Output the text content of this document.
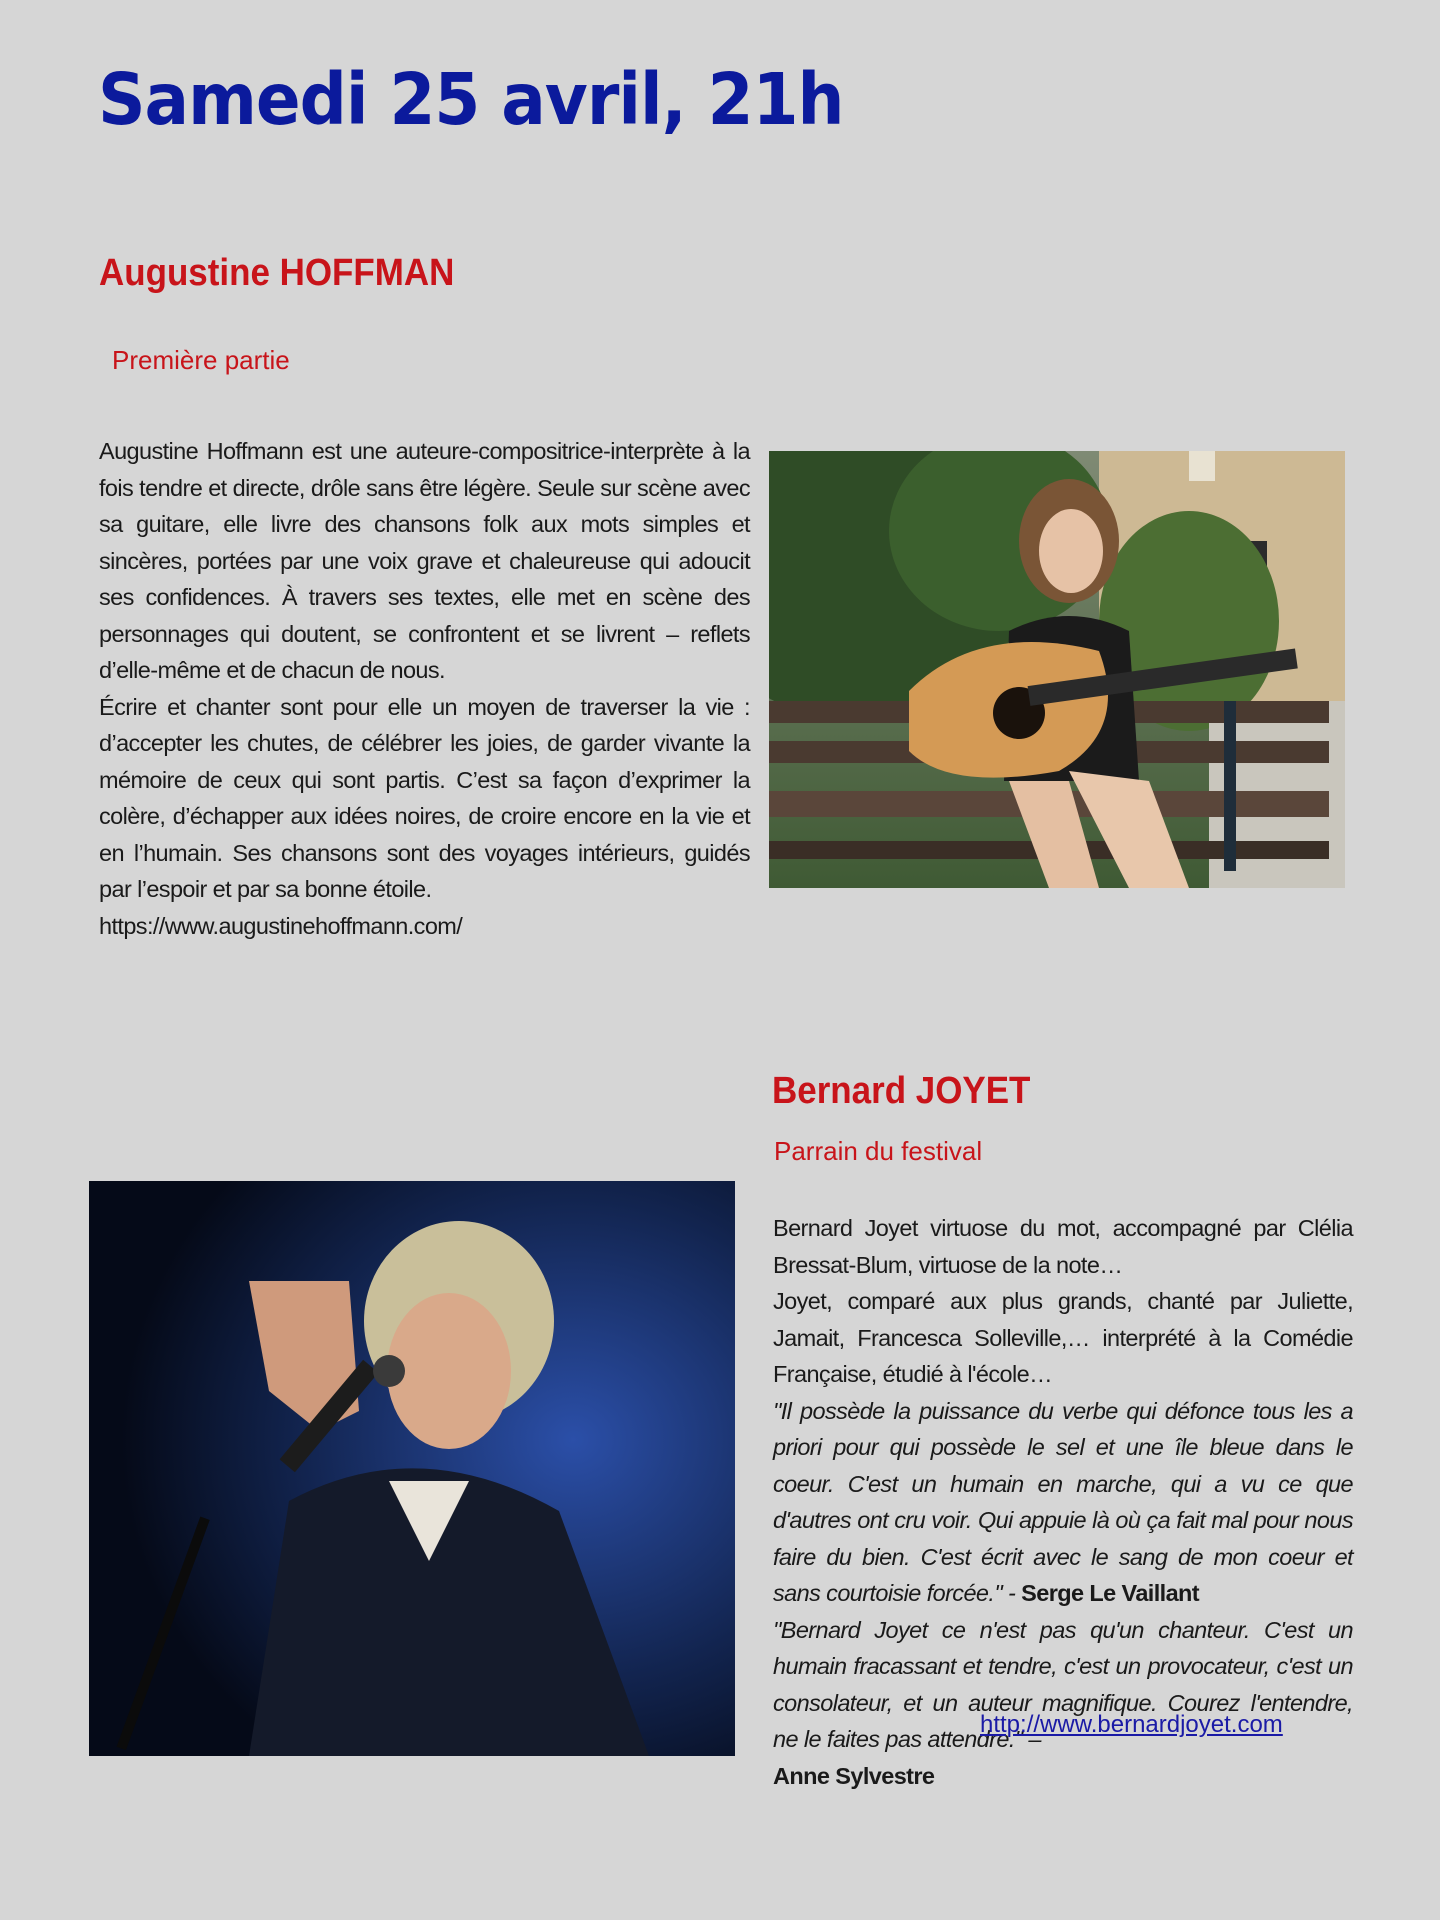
Samedi 25 avril, 21h
Augustine HOFFMAN
Première partie

Augustine Hoffmann est une auteure-compositrice-interprète à la fois tendre et directe, drôle sans être légère. Seule sur scène avec sa guitare, elle livre des chansons folk aux mots simples et sincères, portées par une voix grave et chaleureuse qui adoucit ses confidences. À travers ses textes, elle met en scène des personnages qui doutent, se confrontent et se livrent – reflets d’elle-même et de chacun de nous.

Écrire et chanter sont pour elle un moyen de traverser la vie : d’accepter les chutes, de célébrer les joies, de garder vivante la mémoire de ceux qui sont partis. C’est sa façon d’exprimer la colère, d’échapper aux idées noires, de croire encore en la vie et en l’humain. Ses chansons sont des voyages intérieurs, guidés par l’espoir et par sa bonne étoile.

https://www.augustinehoffmann.com/
Bernard JOYET
Parrain du festival

Bernard Joyet virtuose du mot, accompagné par Clélia Bressat-Blum, virtuose de la note…

Joyet, comparé aux plus grands, chanté par Juliette, Jamait, Francesca Solleville,… interprété à la Comédie Française, étudié à l'école…

"Il possède la puissance du verbe qui défonce tous les a priori pour qui possède le sel et une île bleue dans le coeur. C'est un humain en marche, qui a vu ce que d'autres ont cru voir. Qui appuie là où ça fait mal pour nous faire du bien. C'est écrit avec le sang de mon coeur et sans courtoisie forcée." - Serge Le Vaillant

"Bernard Joyet ce n'est pas qu'un chanteur. C'est un humain fracassant et tendre, c'est un provocateur, c'est un consolateur, et un auteur magnifique. Courez l'entendre, ne le faites pas attendre." –

Anne Sylvestre

http://www.bernardjoyet.com
